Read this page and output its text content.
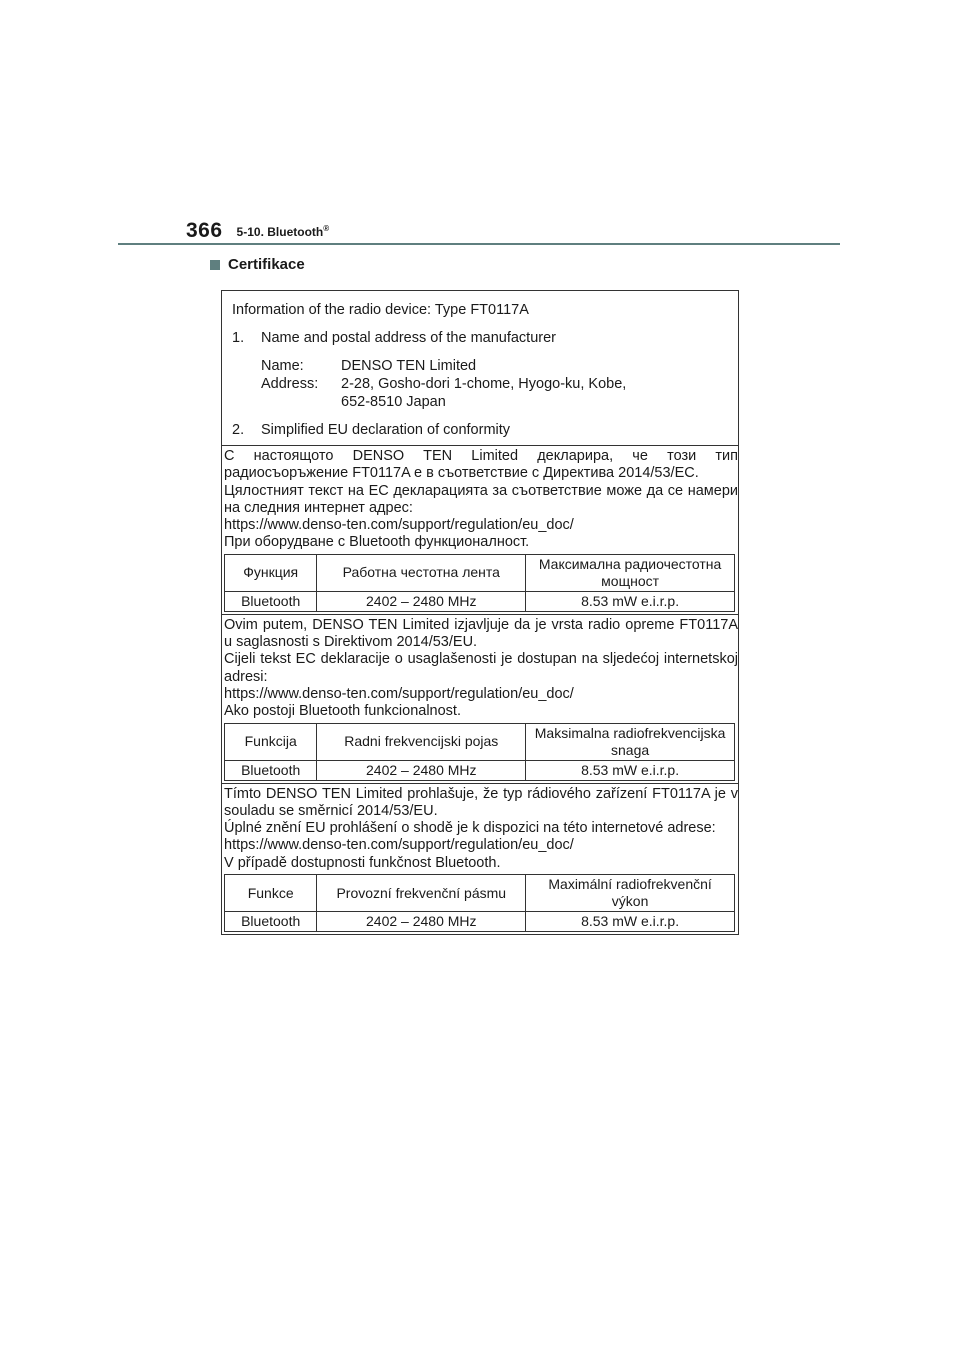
366 5-10. Bluetooth®
Certifikace

Information of the radio device: Type FT0117A

1. Name and postal address of the manufacturer

Name:	DENSO TEN Limited
Address:	2-28, Gosho-dori 1-chome, Hyogo-ku, Kobe,
652-8510 Japan

2. Simplified EU declaration of conformity

С настоящото DENSO TEN Limited декларира, че този тип радиосъоръжение FT0117A е в съответствие с Директива 2014/53/ЕС.

Цялостният текст на ЕС декларацията за съответствие може да се намери на следния интернет адрес:

https://www.denso-ten.com/support/regulation/eu_doc/

При оборудване с Bluetooth функционалност.

Функция	Работна честотна лента	Максимална радиочестотна мощност
Bluetooth	2402 – 2480 MHz	8.53 mW e.i.r.p.

Ovim putem, DENSO TEN Limited izjavljuje da je vrsta radio opreme FT0117A u saglasnosti s Direktivom 2014/53/EU.

Cijeli tekst EC deklaracije o usaglašenosti je dostupan na sljedećoj internetskoj adresi:

https://www.denso-ten.com/support/regulation/eu_doc/

Ako postoji Bluetooth funkcionalnost.

Funkcija	Radni frekvencijski pojas	Maksimalna radiofrekvencijska snaga
Bluetooth	2402 – 2480 MHz	8.53 mW e.i.r.p.

Tímto DENSO TEN Limited prohlašuje, že typ rádiového zařízení FT0117A je v souladu se směrnicí 2014/53/EU.

Úplné znění EU prohlášení o shodě je k dispozici na této internetové adrese:

https://www.denso-ten.com/support/regulation/eu_doc/

V případě dostupnosti funkčnost Bluetooth.

Funkce	Provozní frekvenční pásmu	Maximální radiofrekvenční výkon
Bluetooth	2402 – 2480 MHz	8.53 mW e.i.r.p.
